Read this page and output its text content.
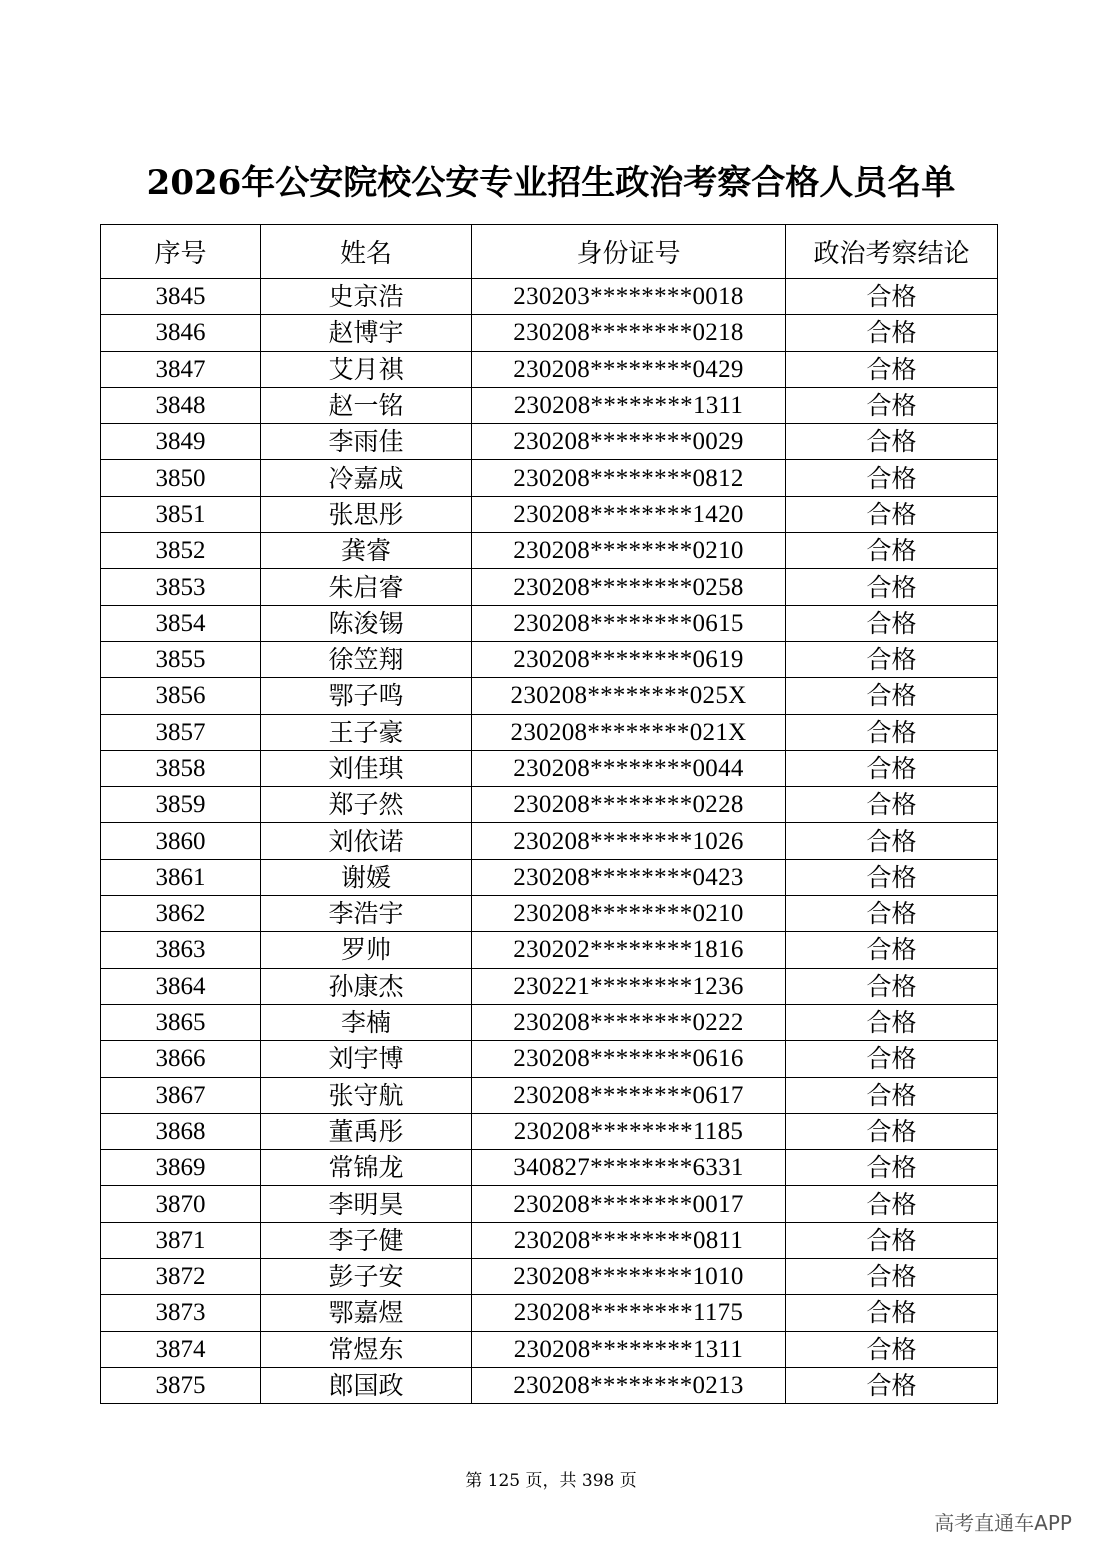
2026年公安院校公安专业招生政治考察合格人员名单
序号	姓名	身份证号	政治考察结论
3845	史京浩	230203********0018	合格
3846	赵博宇	230208********0218	合格
3847	艾月祺	230208********0429	合格
3848	赵一铭	230208********1311	合格
3849	李雨佳	230208********0029	合格
3850	冷嘉成	230208********0812	合格
3851	张思彤	230208********1420	合格
3852	龚睿	230208********0210	合格
3853	朱启睿	230208********0258	合格
3854	陈浚锡	230208********0615	合格
3855	徐笠翔	230208********0619	合格
3856	鄂子鸣	230208********025X	合格
3857	王子豪	230208********021X	合格
3858	刘佳琪	230208********0044	合格
3859	郑子然	230208********0228	合格
3860	刘依诺	230208********1026	合格
3861	谢媛	230208********0423	合格
3862	李浩宇	230208********0210	合格
3863	罗帅	230202********1816	合格
3864	孙康杰	230221********1236	合格
3865	李楠	230208********0222	合格
3866	刘宇博	230208********0616	合格
3867	张守航	230208********0617	合格
3868	董禹彤	230208********1185	合格
3869	常锦龙	340827********6331	合格
3870	李明昊	230208********0017	合格
3871	李子健	230208********0811	合格
3872	彭子安	230208********1010	合格
3873	鄂嘉煜	230208********1175	合格
3874	常煜东	230208********1311	合格
3875	郎国政	230208********0213	合格
第 125 页，共 398 页
高考直通车APP
